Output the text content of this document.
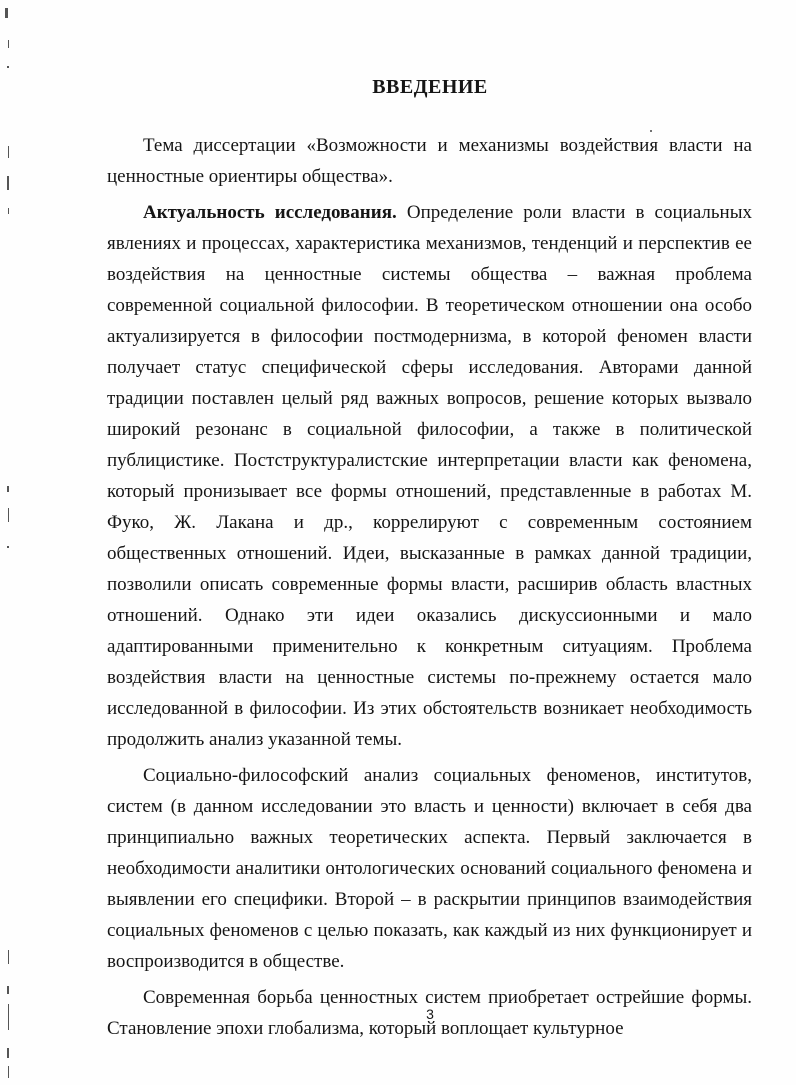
ВВЕДЕНИЕ

Тема диссертации «Возможности и механизмы воздействия власти на ценностные ориентиры общества».

Актуальность исследования. Определение роли власти в социальных явлениях и процессах, характеристика механизмов, тенденций и перспектив ее воздействия на ценностные системы общества – важная проблема современной социальной философии. В теоретическом отношении она особо актуализируется в философии постмодернизма, в которой феномен власти получает статус специфической сферы исследования. Авторами данной традиции поставлен целый ряд важных вопросов, решение которых вызвало широкий резонанс в социальной философии, а также в политической публицистике. Постструктуралистские интерпретации власти как феномена, который пронизывает все формы отношений, представленные в работах М. Фуко, Ж. Лакана и др., коррелируют с современным состоянием общественных отношений. Идеи, высказанные в рамках данной традиции, позволили описать современные формы власти, расширив область властных отношений. Однако эти идеи оказались дискуссионными и мало адаптированными применительно к конкретным ситуациям. Проблема воздействия власти на ценностные системы по-прежнему остается мало исследованной в философии. Из этих обстоятельств возникает необходимость продолжить анализ указанной темы.

Социально-философский анализ социальных феноменов, институтов, систем (в данном исследовании это власть и ценности) включает в себя два принципиально важных теоретических аспекта. Первый заключается в необходимости аналитики онтологических оснований социального феномена и выявлении его специфики. Второй – в раскрытии принципов взаимодействия социальных феноменов с целью показать, как каждый из них функционирует и воспроизводится в обществе.

Современная борьба ценностных систем приобретает острейшие формы. Становление эпохи глобализма, который воплощает культурное

3
